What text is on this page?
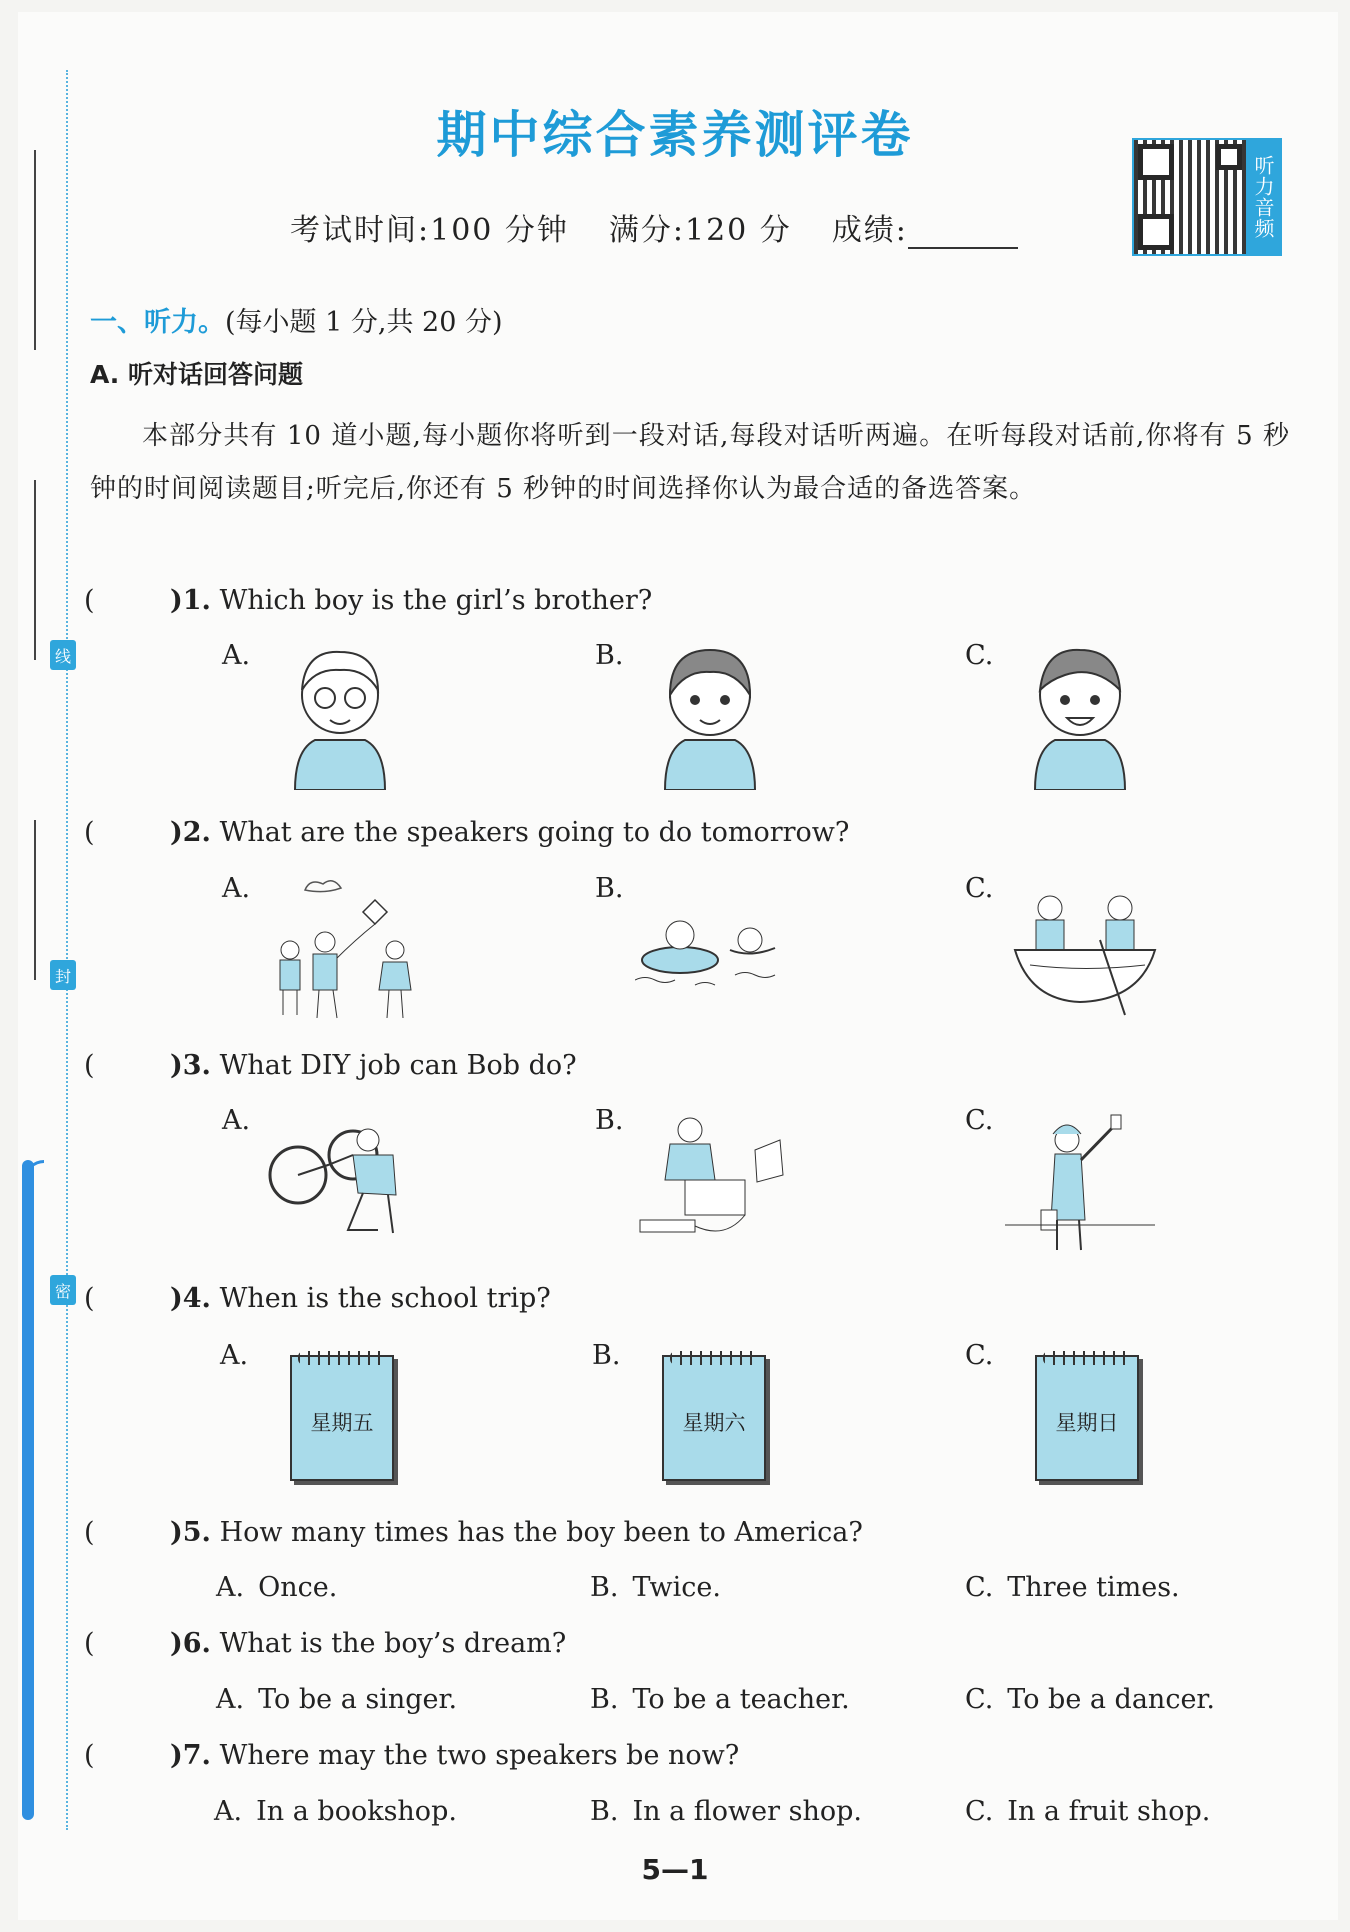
线
封
密
期中综合素养测评卷
考试时间:100 分钟 满分:120 分 成绩:	听力音频
一、听力。(每小题 1 分,共 20 分)
A. 听对话回答问题
本部分共有 10 道小题,每小题你将听到一段对话,每段对话听两遍。在听每段对话前,你将有 5 秒钟的时间阅读题目;听完后,你还有 5 秒钟的时间选择你认为最合适的备选答案。
(	)1. Which boy is the girl’s brother?
A.	B.	C.
(	)2. What are the speakers going to do tomorrow?
A.	B.	C.
(	)3. What DIY job can Bob do?
A.	B.	C.
(	)4. When is the school trip?
A.	B.	C.
星期五	星期六	星期日
(	)5. How many times has the boy been to America?
A. Once.	B. Twice.	C. Three times.
(	)6. What is the boy’s dream?
A. To be a singer.	B. To be a teacher.	C. To be a dancer.
(	)7. Where may the two speakers be now?
A. In a bookshop.	B. In a flower shop.	C. In a fruit shop.
5—1
